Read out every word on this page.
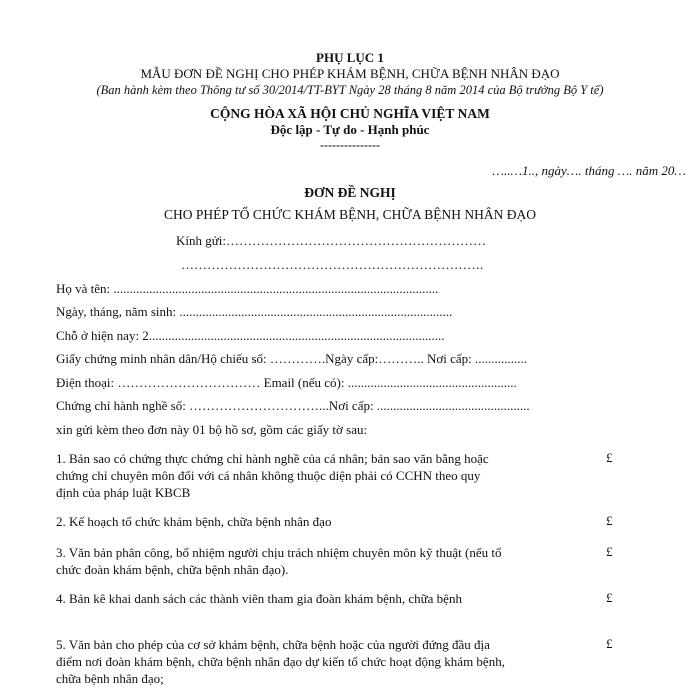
PHỤ LỤC 1
MẪU ĐƠN ĐỀ NGHỊ CHO PHÉP KHÁM BỆNH, CHỮA BỆNH NHÂN ĐẠO
(Ban hành kèm theo Thông tư số 30/2014/TT-BYT Ngày 28 tháng 8 năm 2014 của Bộ trưởng Bộ Y tế)
CỘNG HÒA XÃ HỘI CHỦ NGHĨA VIỆT NAM
Độc lập - Tự do - Hạnh phúc
---------------
…..…1.., ngày…. tháng …. năm 20…
ĐƠN ĐỀ NGHỊ
CHO PHÉP TỔ CHỨC KHÁM BỆNH, CHỮA BỆNH NHÂN ĐẠO
Kính gửi:……………………………………………………
…………………………………………………………….
Họ và tên: ....................................................................................................
Ngày, tháng, năm sinh: ....................................................................................
Chỗ ở hiện nay: 2...........................................................................................
Giấy chứng minh nhân dân/Hộ chiếu số: ………….Ngày cấp:……….. Nơi cấp: ................
Điện thoại: …………………………… Email (nếu có): ....................................................
Chứng chỉ hành nghề số: …………………………...Nơi cấp: ...............................................
xin gửi kèm theo đơn này 01 bộ hồ sơ, gồm các giấy tờ sau:
1. Bản sao có chứng thực chứng chỉ hành nghề của cá nhân; bản sao văn bằng hoặc chứng chỉ chuyên môn đối với cá nhân không thuộc diện phải có CCHN theo quy định của pháp luật KBCB
£
2. Kế hoạch tổ chức khám bệnh, chữa bệnh nhân đạo	£
3. Văn bản phân công, bổ nhiệm người chịu trách nhiệm chuyên môn kỹ thuật (nếu tổ chức đoàn khám bệnh, chữa bệnh nhân đạo).
£
4. Bản kê khai danh sách các thành viên tham gia đoàn khám bệnh, chữa bệnh	£
5. Văn bản cho phép của cơ sở khám bệnh, chữa bệnh hoặc của người đứng đầu địa điểm nơi đoàn khám bệnh, chữa bệnh nhân đạo dự kiến tổ chức hoạt động khám bệnh, chữa bệnh nhân đạo;
£
